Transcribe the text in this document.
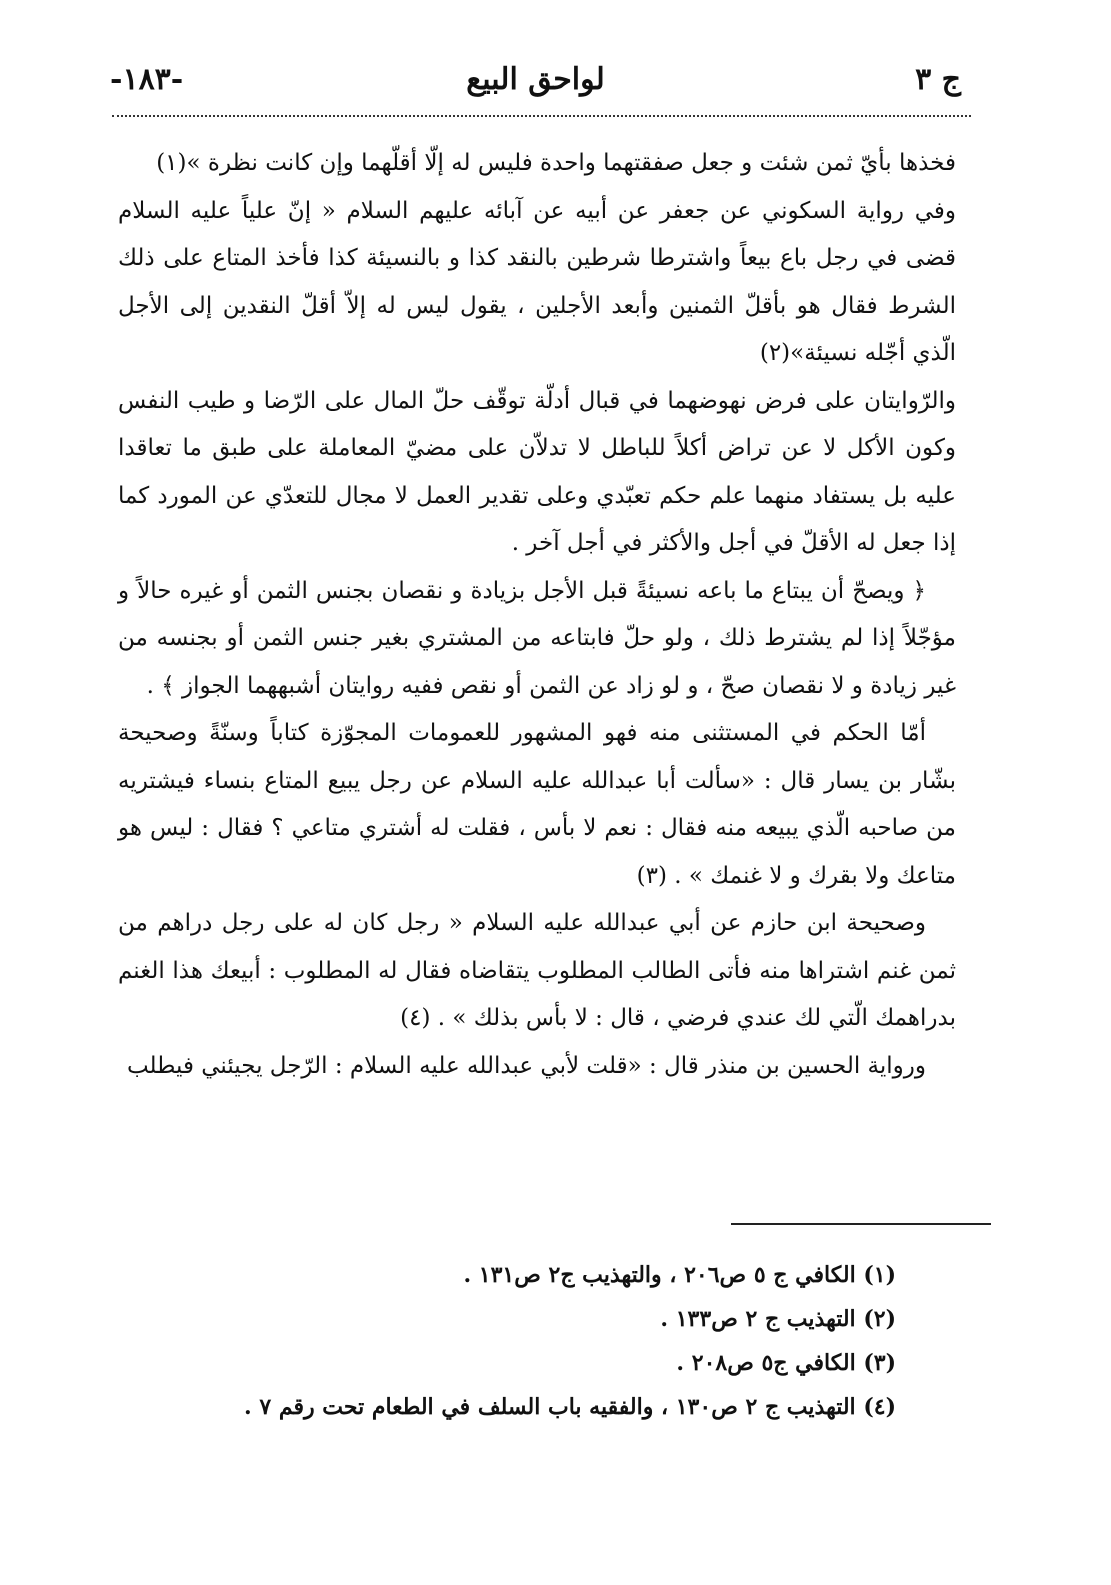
ج ٣
لواحق البيع
-١٨٣-

فخذها بأيّ ثمن شئت و جعل صفقتهما واحدة فليس له إلّا أقلّهما وإن كانت نظرة »(١)

وفي رواية السكوني عن جعفر عن أبيه عن آبائه عليهم السلام « إنّ علياً عليه السلام قضى في رجل باع بيعاً واشترطا شرطين بالنقد كذا و بالنسيئة كذا فأخذ المتاع على ذلك الشرط فقال هو بأقلّ الثمنين وأبعد الأجلين ، يقول ليس له إلاّ أقلّ النقدين إلى الأجل الّذي أجّله نسيئة»(٢)

والرّوايتان على فرض نهوضهما في قبال أدلّة توقّف حلّ المال على الرّضا و طيب النفس وكون الأكل لا عن تراض أكلاً للباطل لا تدلاّن على مضيّ المعاملة على طبق ما تعاقدا عليه بل يستفاد منهما علم حكم تعبّدي وعلى تقدير العمل لا مجال للتعدّي عن المورد كما إذا جعل له الأقلّ في أجل والأكثر في أجل آخر .

﴿ ويصحّ أن يبتاع ما باعه نسيئةً قبل الأجل بزيادة و نقصان بجنس الثمن أو غيره حالاً و مؤجّلاً إذا لم يشترط ذلك ، ولو حلّ فابتاعه من المشتري بغير جنس الثمن أو بجنسه من غير زيادة و لا نقصان صحّ ، و لو زاد عن الثمن أو نقص ففيه روايتان أشبههما الجواز ﴾ .

أمّا الحكم في المستثنى منه فهو المشهور للعمومات المجوّزة كتاباً وسنّةً وصحيحة بشّار بن يسار قال : «سألت أبا عبدالله عليه السلام عن رجل يبيع المتاع بنساء فيشتريه من صاحبه الّذي يبيعه منه فقال : نعم لا بأس ، فقلت له أشتري متاعي ؟ فقال : ليس هو متاعك ولا بقرك و لا غنمك » . (٣)

وصحيحة ابن حازم عن أبي عبدالله عليه السلام « رجل كان له على رجل دراهم من ثمن غنم اشتراها منه فأتى الطالب المطلوب يتقاضاه فقال له المطلوب : أبيعك هذا الغنم بدراهمك الّتي لك عندي فرضي ، قال : لا بأس بذلك » . (٤)

ورواية الحسين بن منذر قال : «قلت لأبي عبدالله عليه السلام : الرّجل يجيئني فيطلب

(١) الكافي ج ٥ ص٢٠٦ ، والتهذيب ج٢ ص١٣١ .
(٢) التهذيب ج ٢ ص١٣٣ .
(٣) الكافي ج٥ ص٢٠٨ .
(٤) التهذيب ج ٢ ص١٣٠ ، والفقيه باب السلف في الطعام تحت رقم ٧ .
